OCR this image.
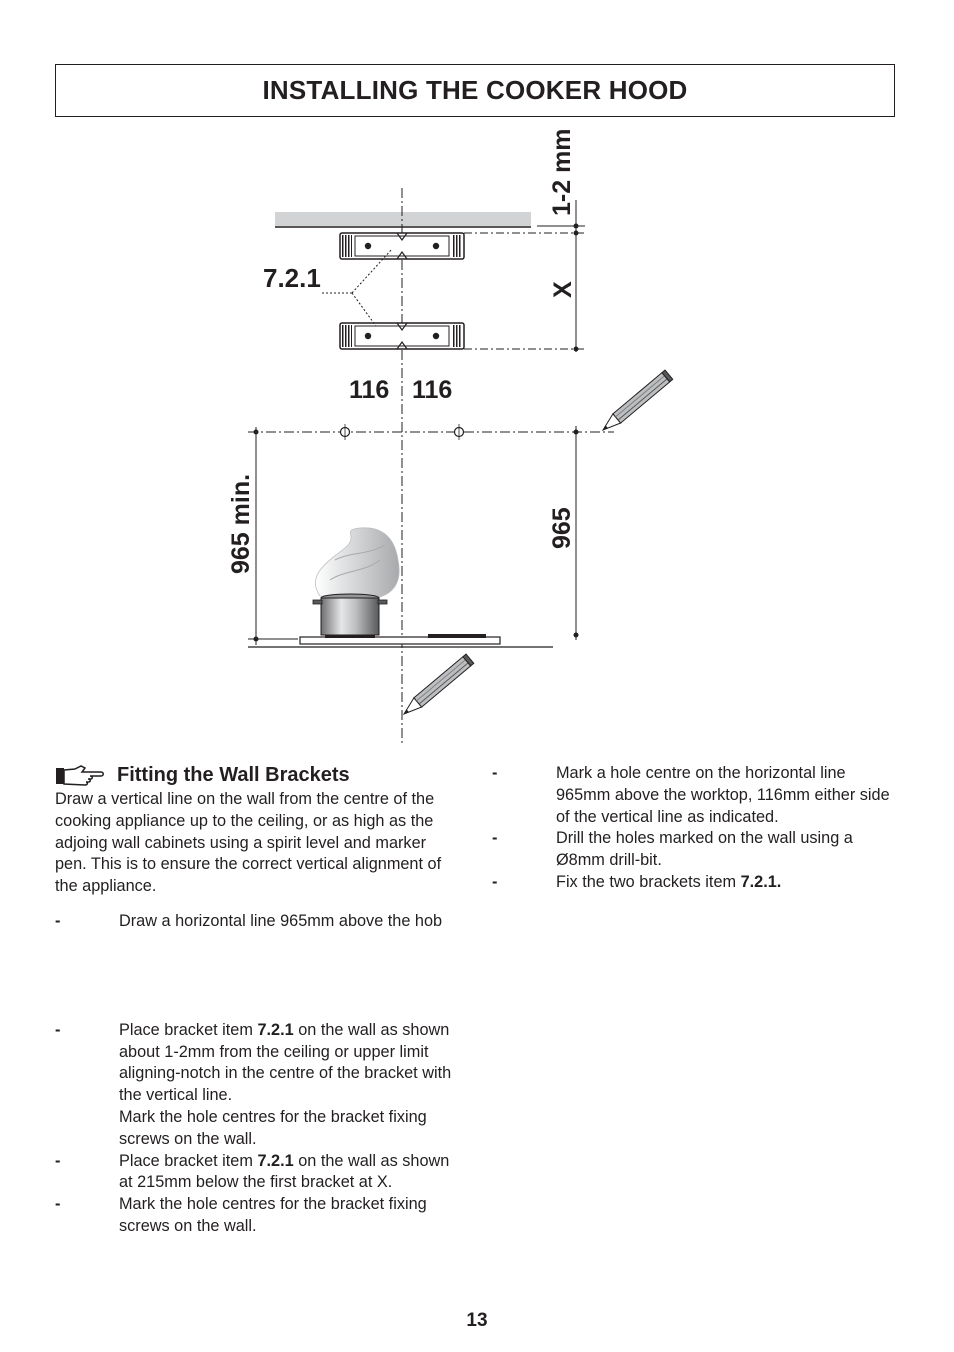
INSTALLING THE COOKER HOOD
7.2.1
1-2 mm
X
116 116
965 min.	965
Fitting the Wall Brackets

Draw a vertical line on the wall from the centre of the cooking appliance up to the ceiling, or as high as the adjoing wall cabinets using a spirit level and marker pen. This is to ensure the correct vertical alignment of the appliance.

-	Draw a horizontal line 965mm above the hob
-	Place bracket item 7.2.1 on the wall as shown about 1-2mm from the ceiling or upper limit aligning-notch in the centre of the bracket with the vertical line.
Mark the hole centres for the bracket fixing screws on the wall.
-	Place bracket item 7.2.1 on the wall as shown at 215mm below the first bracket at X.
-	Mark the hole centres for the bracket fixing screws on the wall.
-	Mark a hole centre on the horizontal line 965mm above the worktop, 116mm either side of the vertical line as indicated.
-	Drill the holes marked on the wall using a Ø8mm drill-bit.
-	Fix the two brackets item 7.2.1.
13
